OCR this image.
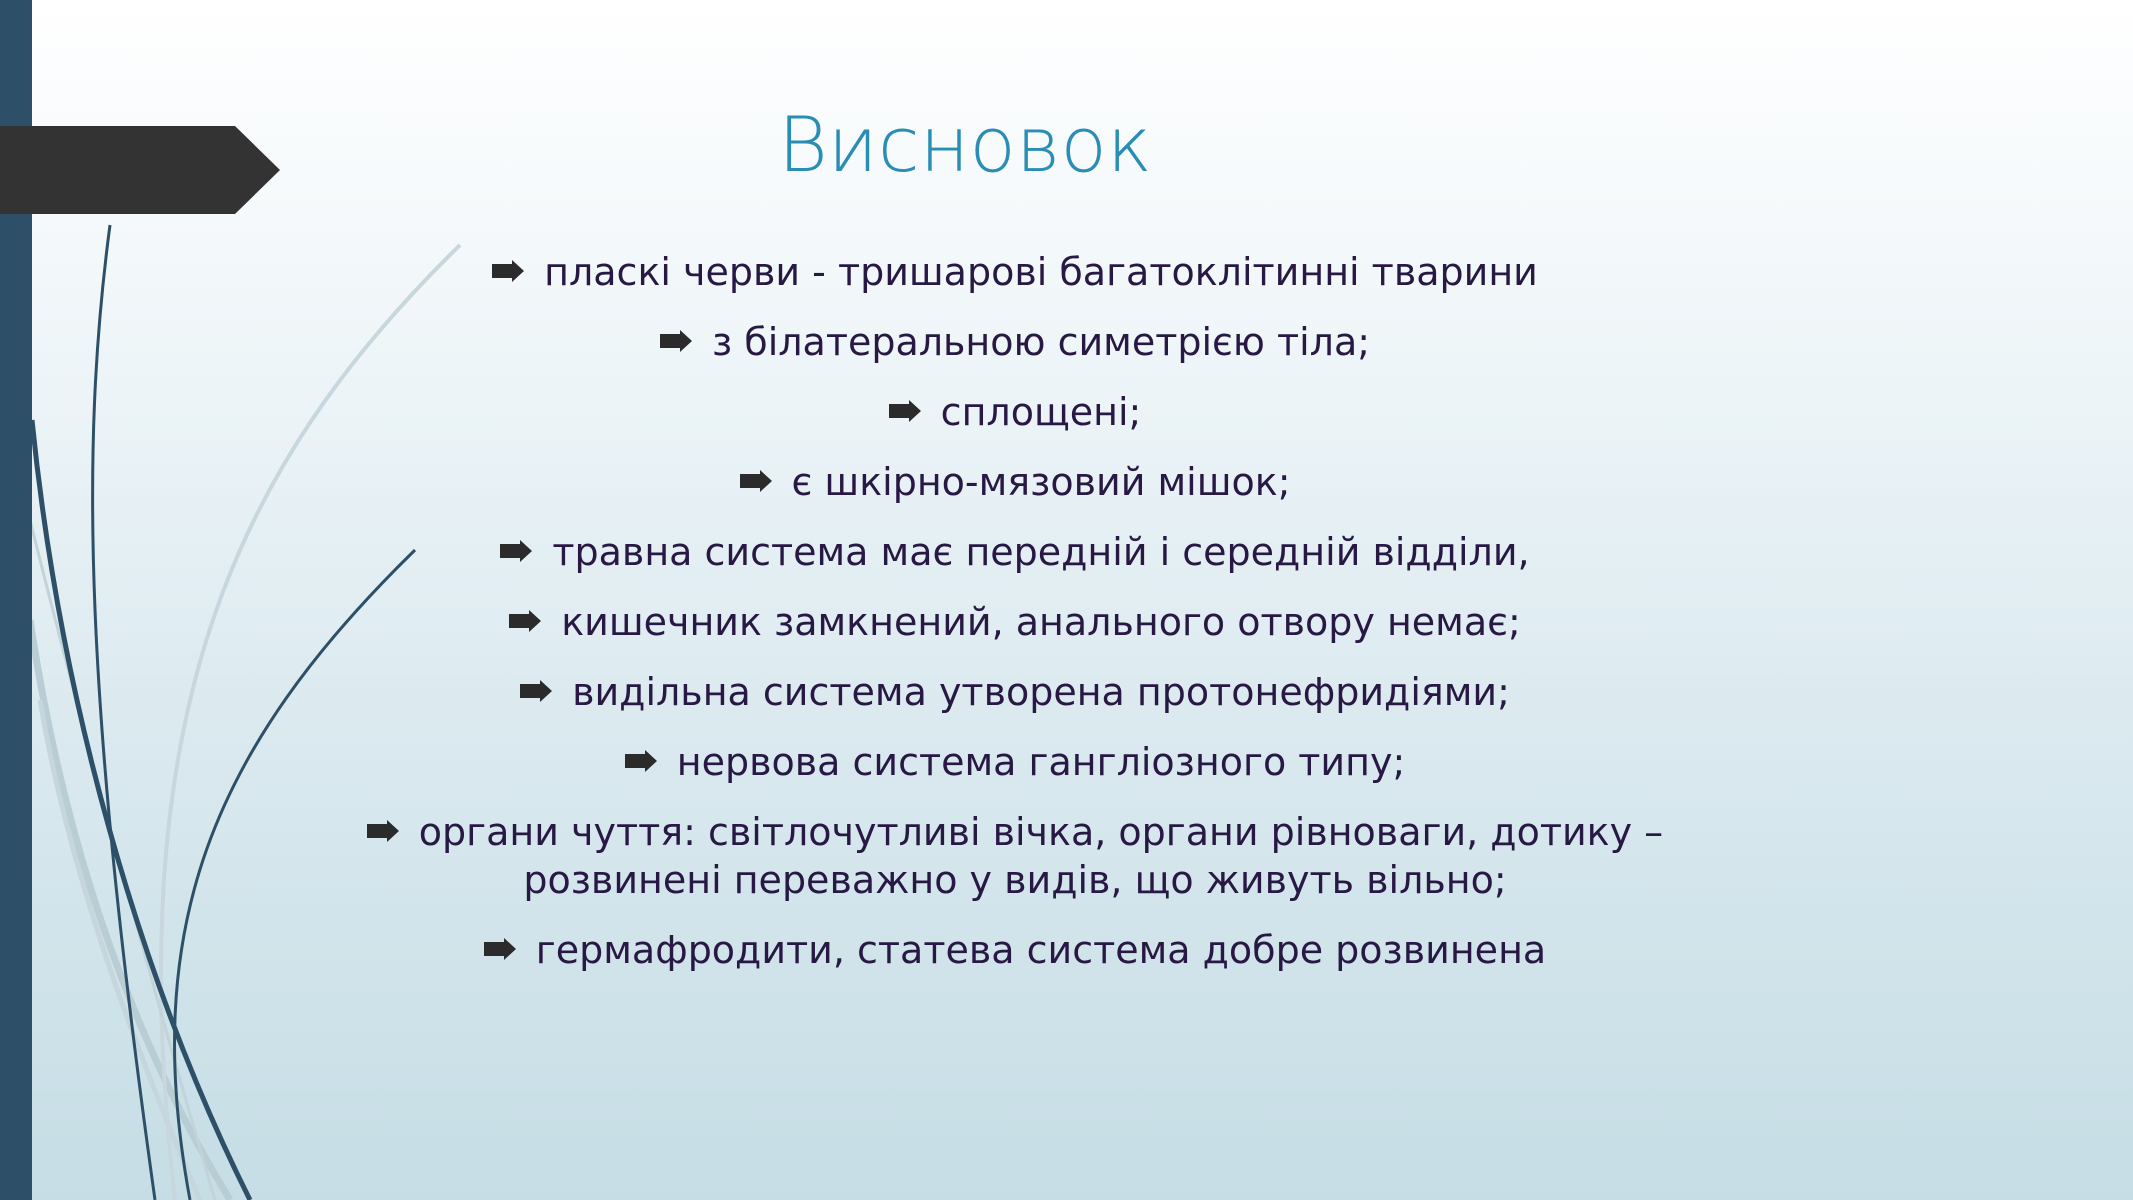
Висновок
пласкі черви - тришарові багатоклітинні тварини
з білатеральною симетрією тіла;
сплощені;
є шкірно-мязовий мішок;
травна система має передній і середній відділи,
кишечник замкнений, анального отвору немає;
видільна система утворена протонефридіями;
нервова система гангліозного типу;
органи чуття: світлочутливі вічка, органи рівноваги, дотику – розвинені переважно у видів, що живуть вільно;
гермафродити, статева система добре розвинена
